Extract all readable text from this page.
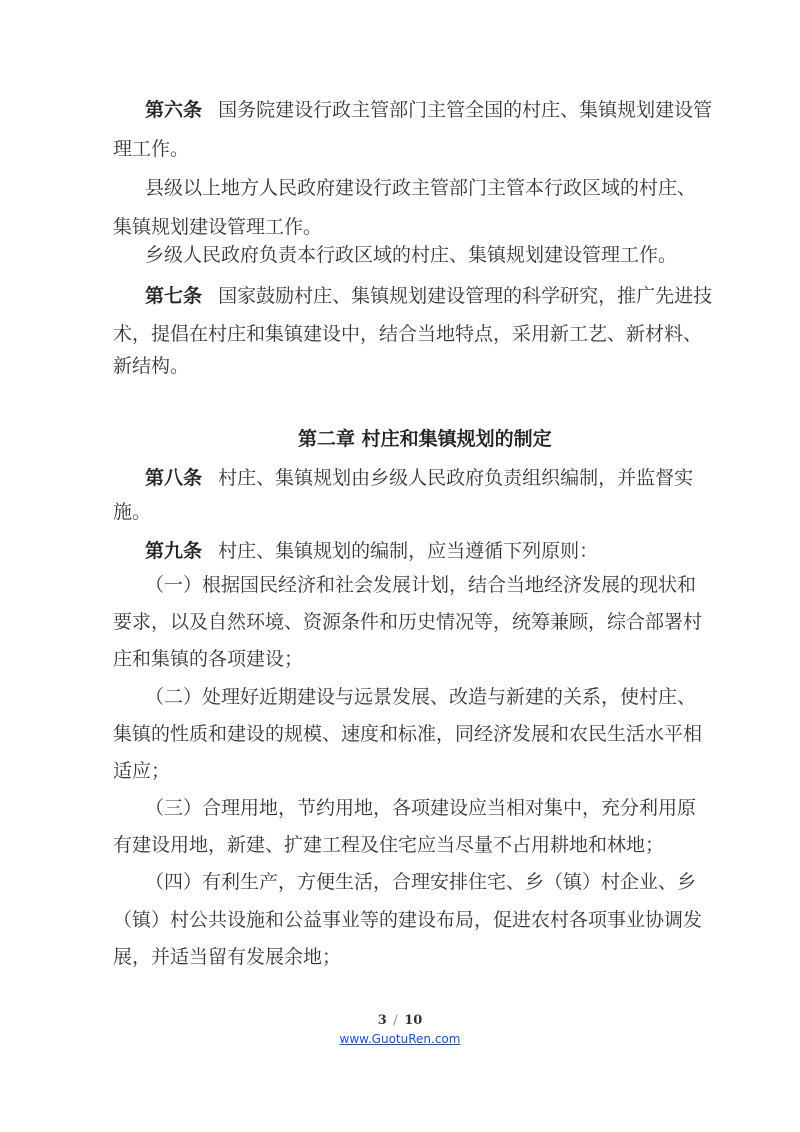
第六条 国务院建设行政主管部门主管全国的村庄、集镇规划建设管
理工作。
县级以上地方人民政府建设行政主管部门主管本行政区域的村庄、
集镇规划建设管理工作。
乡级人民政府负责本行政区域的村庄、集镇规划建设管理工作。
第七条 国家鼓励村庄、集镇规划建设管理的科学研究，推广先进技
术，提倡在村庄和集镇建设中，结合当地特点，采用新工艺、新材料、
新结构。
第二章 村庄和集镇规划的制定
第八条 村庄、集镇规划由乡级人民政府负责组织编制，并监督实
施。
第九条 村庄、集镇规划的编制，应当遵循下列原则：
（一）根据国民经济和社会发展计划，结合当地经济发展的现状和
要求，以及自然环境、资源条件和历史情况等，统筹兼顾，综合部署村
庄和集镇的各项建设；
（二）处理好近期建设与远景发展、改造与新建的关系，使村庄、
集镇的性质和建设的规模、速度和标准，同经济发展和农民生活水平相
适应；
（三）合理用地，节约用地，各项建设应当相对集中，充分利用原
有建设用地，新建、扩建工程及住宅应当尽量不占用耕地和林地；
（四）有利生产，方便生活，合理安排住宅、乡（镇）村企业、乡
（镇）村公共设施和公益事业等的建设布局，促进农村各项事业协调发
展，并适当留有发展余地；
3 / 10
www.GuotuRen.com
